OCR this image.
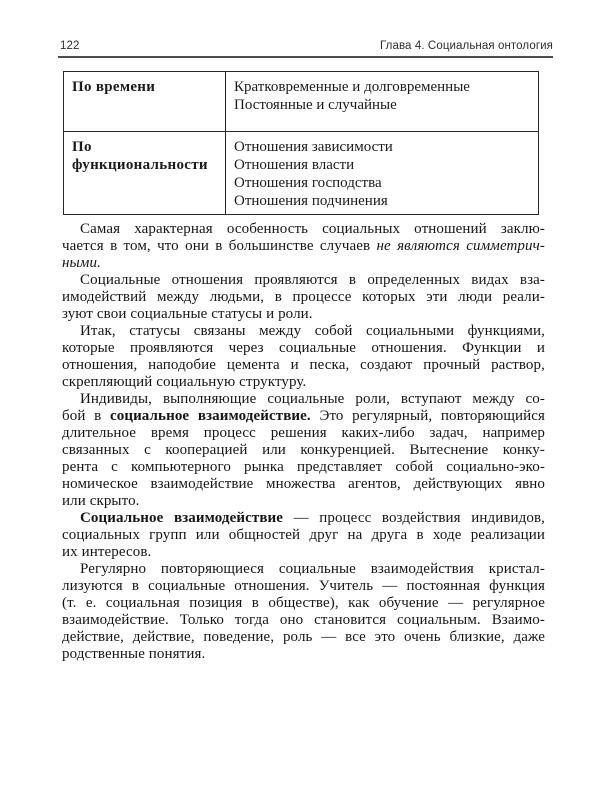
122	Глава 4. Социальная онтология
По времени	Кратковременные и долговременные
Постоянные и случайные

По функциональности	Отношения зависимости
Отношения власти
Отношения господства
Отношения подчинения
Самая характерная особенность социальных отношений заклю-
чается в том, что они в большинстве случаев не являются симметрич-
ными.
Социальные отношения проявляются в определенных видах вза-
имодействий между людьми, в процессе которых эти люди реали-
зуют свои социальные статусы и роли.
Итак, статусы связаны между собой социальными функциями,
которые проявляются через социальные отношения. Функции и
отношения, наподобие цемента и песка, создают прочный раствор,
скрепляющий социальную структуру.
Индивиды, выполняющие социальные роли, вступают между со-
бой в социальное взаимодействие. Это регулярный, повторяющийся
длительное время процесс решения каких-либо задач, например
связанных с кооперацией или конкуренцией. Вытеснение конку-
рента с компьютерного рынка представляет собой социально-эко-
номическое взаимодействие множества агентов, действующих явно
или скрыто.
Социальное взаимодействие — процесс воздействия индивидов,
социальных групп или общностей друг на друга в ходе реализации
их интересов.
Регулярно повторяющиеся социальные взаимодействия кристал-
лизуются в социальные отношения. Учитель — постоянная функция
(т. е. социальная позиция в обществе), как обучение — регулярное
взаимодействие. Только тогда оно становится социальным. Взаимо-
действие, действие, поведение, роль — все это очень близкие, даже
родственные понятия.
